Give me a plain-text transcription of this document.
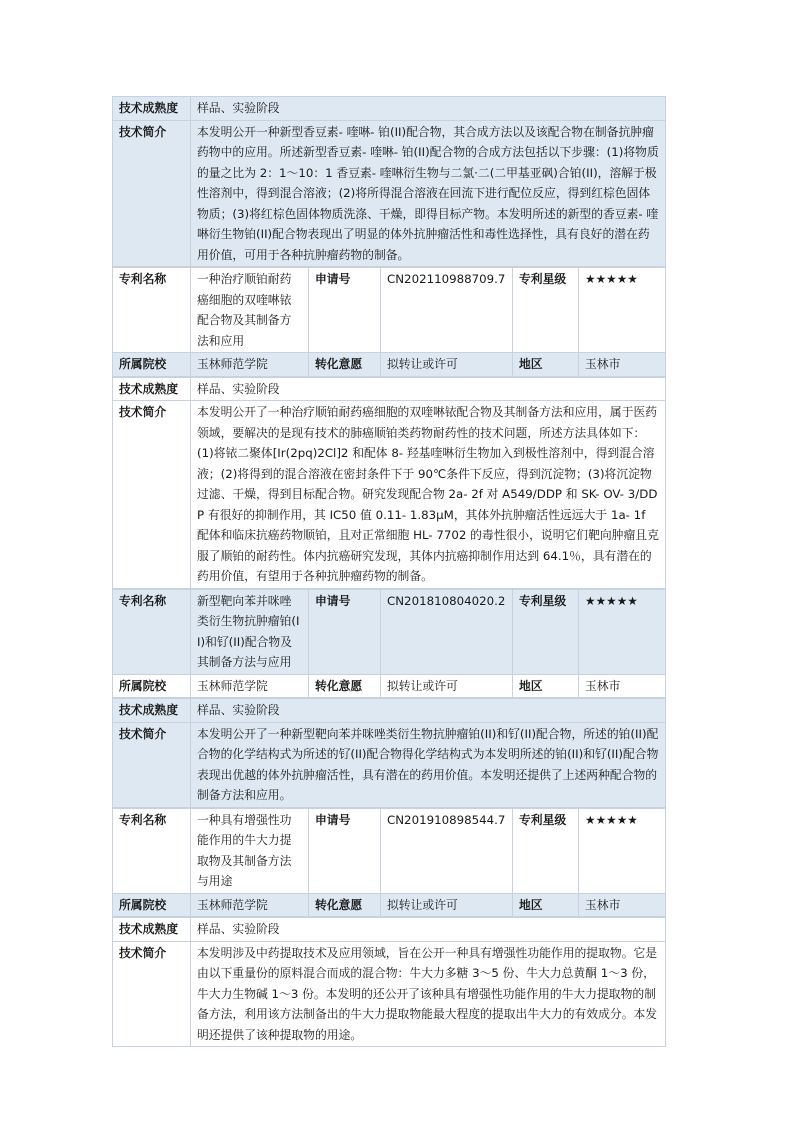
技术成熟度	样品、实验阶段
技术简介	本发明公开一种新型香豆素- 喹啉- 铂(II)配合物，其合成方法以及该配合物在制备抗肿瘤药物中的应用。所述新型香豆素- 喹啉- 铂(II)配合物的合成方法包括以下步骤：(1)将物质的量之比为 2：1～10：1 香豆素- 喹啉衍生物与二氯·二(二甲基亚砜)合铂(II)，溶解于极性溶剂中，得到混合溶液；(2)将所得混合溶液在回流下进行配位反应，得到红棕色固体物质；(3)将红棕色固体物质洗涤、干燥，即得目标产物。本发明所述的新型的香豆素- 喹啉衍生物铂(II)配合物表现出了明显的体外抗肿瘤活性和毒性选择性，具有良好的潜在药用价值，可用于各种抗肿瘤药物的制备。
专利名称	一种治疗顺铂耐药癌细胞的双喹啉铱配合物及其制备方法和应用	申请号	CN202110988709.7	专利星级	★★★★★
所属院校	玉林师范学院	转化意愿	拟转让或许可	地区	玉林市
技术成熟度	样品、实验阶段
技术简介	本发明公开了一种治疗顺铂耐药癌细胞的双喹啉铱配合物及其制备方法和应用，属于医药领域，要解决的是现有技术的肺癌顺铂类药物耐药性的技术问题，所述方法具体如下：(1)将铱二聚体[Ir(2pq)2Cl]2 和配体 8- 羟基喹啉衍生物加入到极性溶剂中，得到混合溶液；(2)将得到的混合溶液在密封条件下于 90℃条件下反应，得到沉淀物；(3)将沉淀物过滤、干燥，得到目标配合物。研究发现配合物 2a- 2f 对 A549/DDP 和 SK- OV- 3/DDP 有很好的抑制作用，其 IC50 值 0.11- 1.83μM，其体外抗肿瘤活性远远大于 1a- 1f 配体和临床抗癌药物顺铂，且对正常细胞 HL- 7702 的毒性很小，说明它们靶向肿瘤且克服了顺铂的耐药性。体内抗癌研究发现，其体内抗癌抑制作用达到 64.1％，具有潜在的药用价值，有望用于各种抗肿瘤药物的制备。
专利名称	新型靶向苯并咪唑类衍生物抗肿瘤铂(II)和钌(II)配合物及其制备方法与应用	申请号	CN201810804020.2	专利星级	★★★★★
所属院校	玉林师范学院	转化意愿	拟转让或许可	地区	玉林市
技术成熟度	样品、实验阶段
技术简介	本发明公开了一种新型靶向苯并咪唑类衍生物抗肿瘤铂(II)和钌(II)配合物，所述的铂(II)配合物的化学结构式为所述的钌(II)配合物得化学结构式为本发明所述的铂(II)和钌(II)配合物表现出优越的体外抗肿瘤活性，具有潜在的药用价值。本发明还提供了上述两种配合物的制备方法和应用。
专利名称	一种具有增强性功能作用的牛大力提取物及其制备方法与用途	申请号	CN201910898544.7	专利星级	★★★★★
所属院校	玉林师范学院	转化意愿	拟转让或许可	地区	玉林市
技术成熟度	样品、实验阶段
技术简介	本发明涉及中药提取技术及应用领域，旨在公开一种具有增强性功能作用的提取物。它是由以下重量份的原料混合而成的混合物：牛大力多糖 3～5 份、牛大力总黄酮 1～3 份，牛大力生物碱 1～3 份。本发明的还公开了该种具有增强性功能作用的牛大力提取物的制备方法，利用该方法制备出的牛大力提取物能最大程度的提取出牛大力的有效成分。本发明还提供了该种提取物的用途。
